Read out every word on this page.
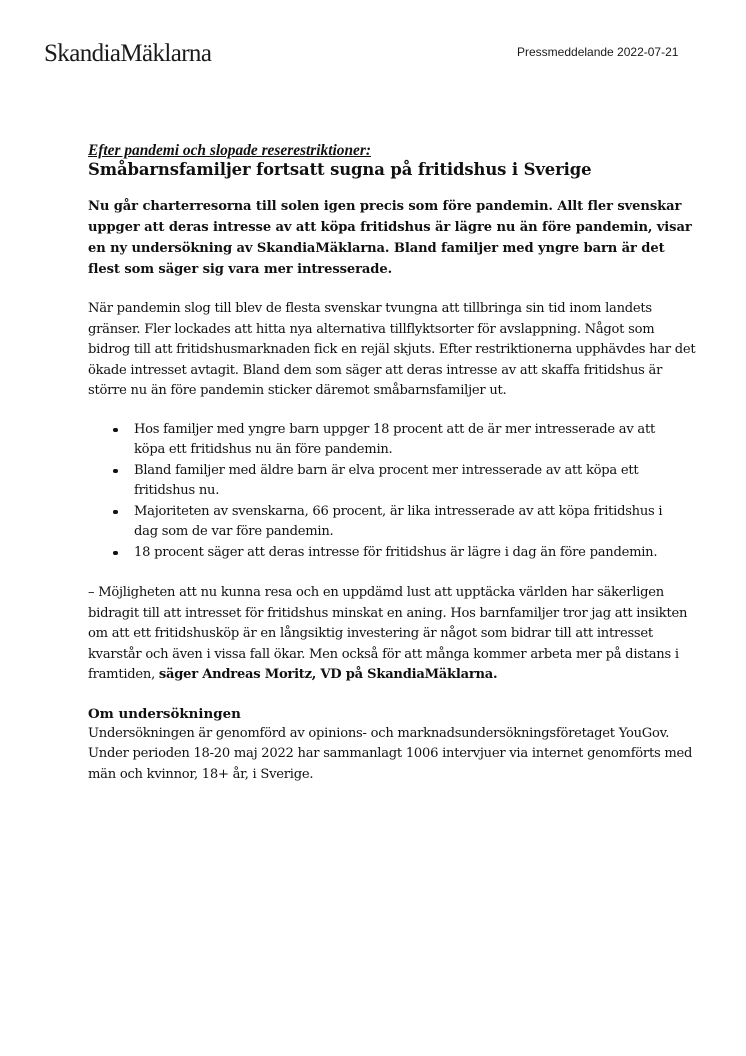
SkandiaMäklarna	Pressmeddelande 2022-07-21

Efter pandemi och slopade reserestriktioner:

Småbarnsfamiljer fortsatt sugna på fritidshus i Sverige

Nu går charterresorna till solen igen precis som före pandemin. Allt fler svenskar uppger att deras intresse av att köpa fritidshus är lägre nu än före pandemin, visar en ny undersökning av SkandiaMäklarna. Bland familjer med yngre barn är det flest som säger sig vara mer intresserade.

När pandemin slog till blev de flesta svenskar tvungna att tillbringa sin tid inom landets gränser. Fler lockades att hitta nya alternativa tillflyktsorter för avslappning. Något som bidrog till att fritidshusmarknaden fick en rejäl skjuts. Efter restriktionerna upphävdes har det ökade intresset avtagit. Bland dem som säger att deras intresse av att skaffa fritidshus är större nu än före pandemin sticker däremot småbarnsfamiljer ut.

Hos familjer med yngre barn uppger 18 procent att de är mer intresserade av att köpa ett fritidshus nu än före pandemin.
Bland familjer med äldre barn är elva procent mer intresserade av att köpa ett fritidshus nu.
Majoriteten av svenskarna, 66 procent, är lika intresserade av att köpa fritidshus i dag som de var före pandemin.
18 procent säger att deras intresse för fritidshus är lägre i dag än före pandemin.

– Möjligheten att nu kunna resa och en uppdämd lust att upptäcka världen har säkerligen bidragit till att intresset för fritidshus minskat en aning. Hos barnfamiljer tror jag att insikten om att ett fritidshusköp är en långsiktig investering är något som bidrar till att intresset kvarstår och även i vissa fall ökar. Men också för att många kommer arbeta mer på distans i framtiden, säger Andreas Moritz, VD på SkandiaMäklarna.

Om undersökningen

Undersökningen är genomförd av opinions- och marknadsundersökningsföretaget YouGov. Under perioden 18-20 maj 2022 har sammanlagt 1006 intervjuer via internet genomförts med män och kvinnor, 18+ år, i Sverige.
